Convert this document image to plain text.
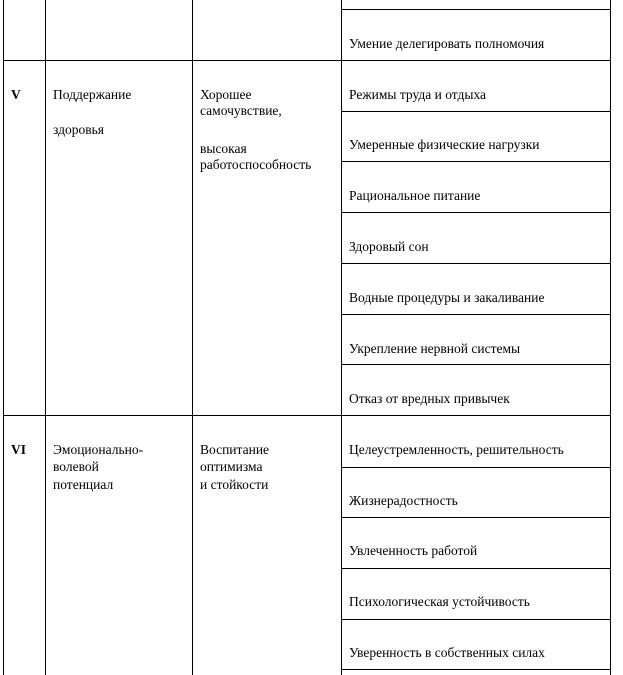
Умение делегировать полномочия
V Поддержание
здоровья
Хорошее
самочувствие,
высокая
работоспособность
Режимы труда и отдыха
Умеренные физические нагрузки
Рациональное питание
Здоровый сон
Водные процедуры и закаливание
Укрепление нервной системы
Отказ от вредных привычек
VI Эмоционально-
волевой
потенциал
Воспитание
оптимизма
и стойкости
Целеустремленность, решительность
Жизнерадостность
Увлеченность работой
Психологическая устойчивость
Уверенность в собственных силах
